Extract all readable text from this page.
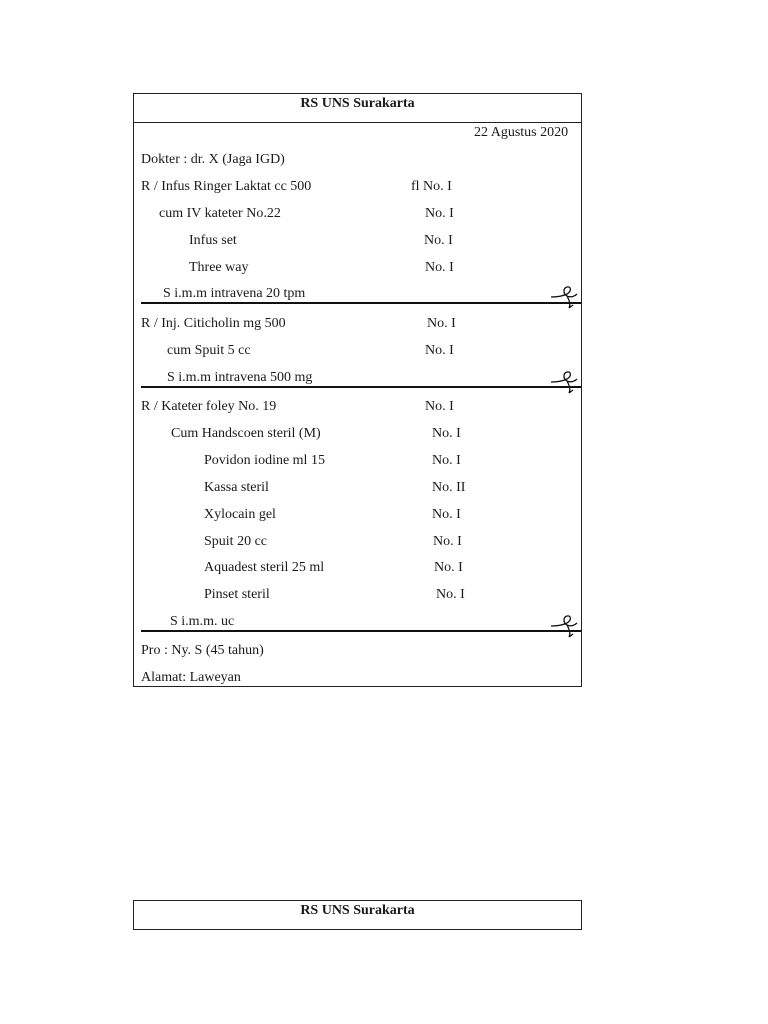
RS UNS Surakarta
22 Agustus 2020
Dokter : dr. X (Jaga IGD)
R / Infus Ringer Laktat cc 500	fl No. I
cum IV kateter No.22	No. I
Infus set	No. I
Three way	No. I
S i.m.m intravena 20 tpm
R / Inj. Citicholin mg 500	No. I
cum Spuit 5 cc	No. I
S i.m.m intravena 500 mg
R / Kateter foley No. 19	No. I
Cum Handscoen steril (M)	No. I
Povidon iodine ml 15	No. I
Kassa steril	No. II
Xylocain gel	No. I
Spuit 20 cc	No. I
Aquadest steril 25 ml	No. I
Pinset steril	No. I
S i.m.m. uc
Pro : Ny. S (45 tahun)
Alamat: Laweyan
RS UNS Surakarta
